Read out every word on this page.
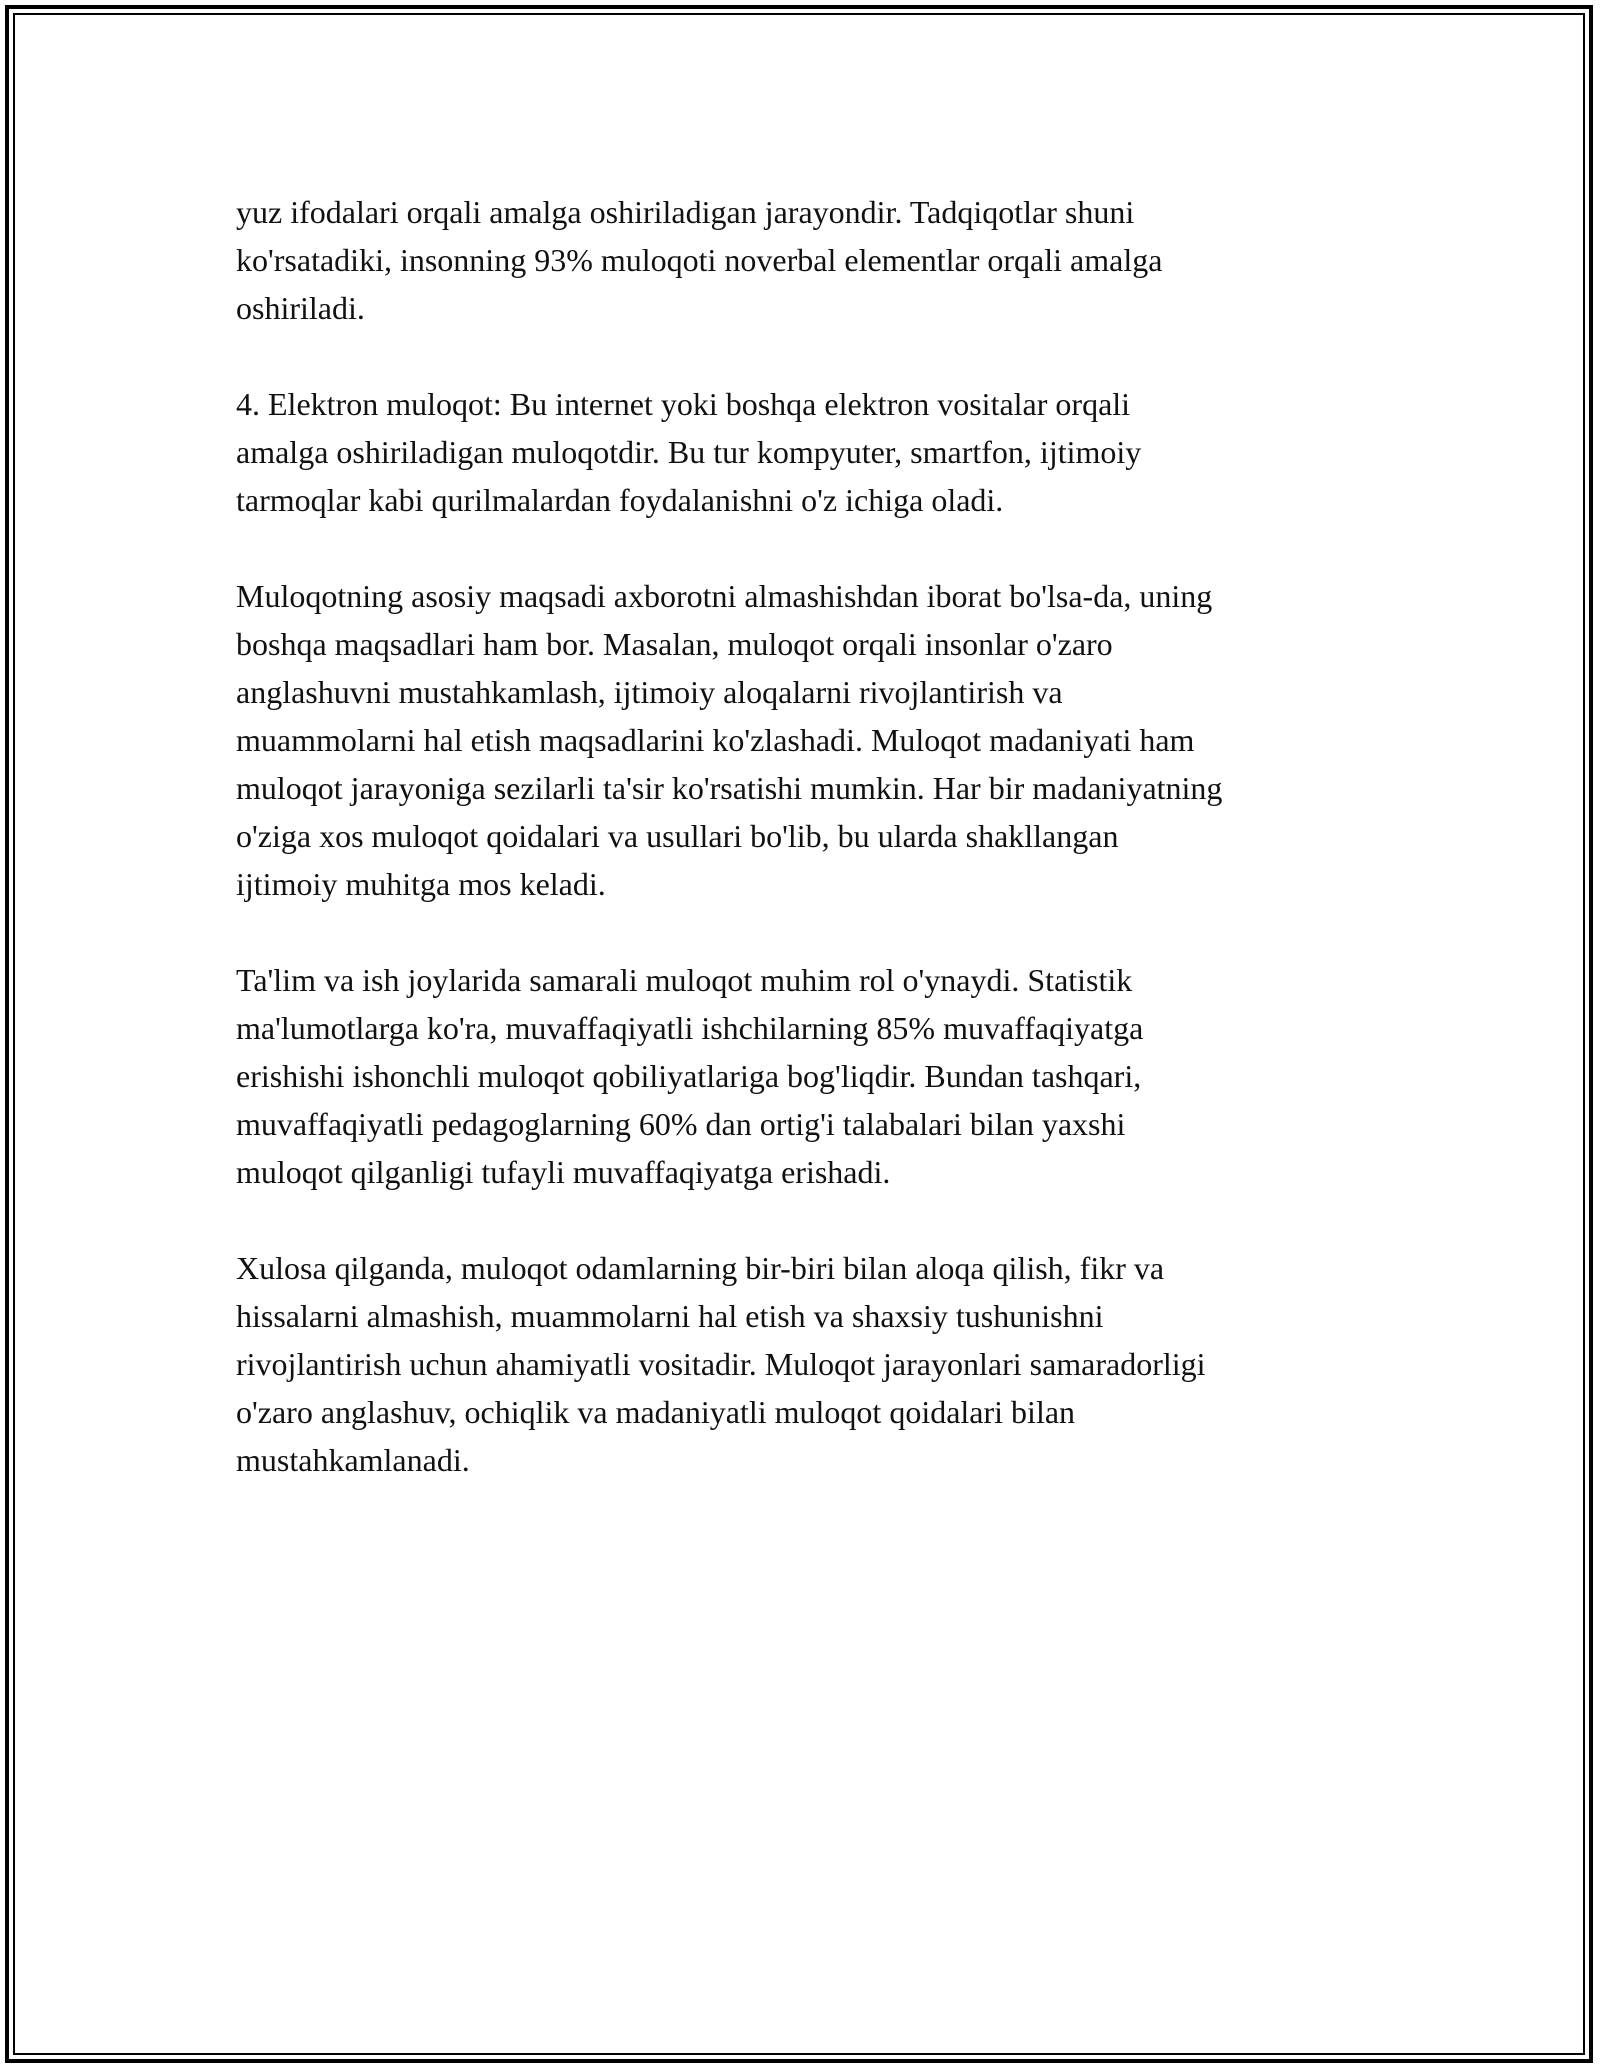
yuz ifodalari orqali amalga oshiriladigan jarayondir. Tadqiqotlar shuni
ko'rsatadiki, insonning 93% muloqoti noverbal elementlar orqali amalga
oshiriladi.

4. Elektron muloqot: Bu internet yoki boshqa elektron vositalar orqali
amalga oshiriladigan muloqotdir. Bu tur kompyuter, smartfon, ijtimoiy
tarmoqlar kabi qurilmalardan foydalanishni o'z ichiga oladi.

Muloqotning asosiy maqsadi axborotni almashishdan iborat bo'lsa-da, uning
boshqa maqsadlari ham bor. Masalan, muloqot orqali insonlar o'zaro
anglashuvni mustahkamlash, ijtimoiy aloqalarni rivojlantirish va
muammolarni hal etish maqsadlarini ko'zlashadi. Muloqot madaniyati ham
muloqot jarayoniga sezilarli ta'sir ko'rsatishi mumkin. Har bir madaniyatning
o'ziga xos muloqot qoidalari va usullari bo'lib, bu ularda shakllangan
ijtimoiy muhitga mos keladi.

Ta'lim va ish joylarida samarali muloqot muhim rol o'ynaydi. Statistik
ma'lumotlarga ko'ra, muvaffaqiyatli ishchilarning 85% muvaffaqiyatga
erishishi ishonchli muloqot qobiliyatlariga bog'liqdir. Bundan tashqari,
muvaffaqiyatli pedagoglarning 60% dan ortig'i talabalari bilan yaxshi
muloqot qilganligi tufayli muvaffaqiyatga erishadi.

Xulosa qilganda, muloqot odamlarning bir-biri bilan aloqa qilish, fikr va
hissalarni almashish, muammolarni hal etish va shaxsiy tushunishni
rivojlantirish uchun ahamiyatli vositadir. Muloqot jarayonlari samaradorligi
o'zaro anglashuv, ochiqlik va madaniyatli muloqot qoidalari bilan
mustahkamlanadi.
